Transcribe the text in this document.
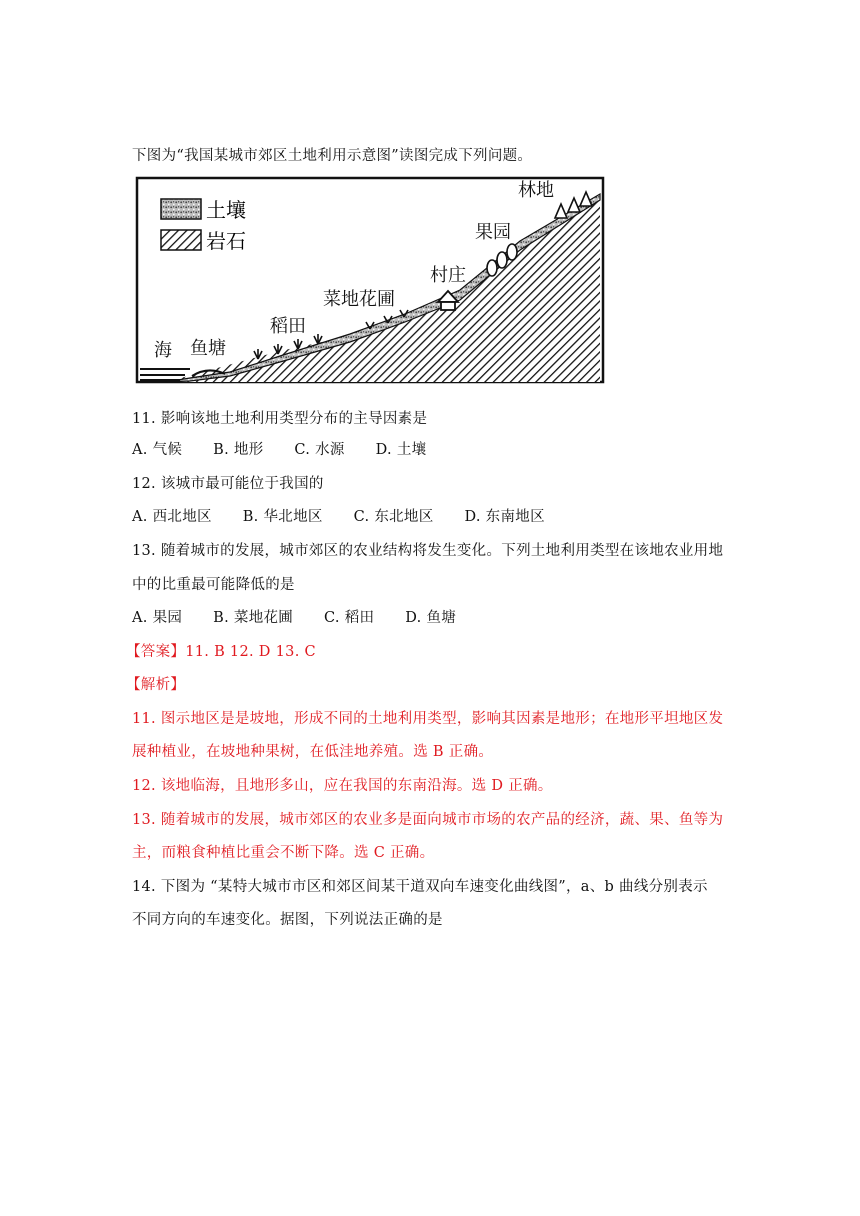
下图为“我国某城市郊区土地利用示意图”读图完成下列问题。
土壤
岩石
海 鱼塘
稻田
菜地花圃
村庄
果园
林地
11. 影响该地土地利用类型分布的主导因素是
A. 气候 B. 地形 C. 水源 D. 土壤
12. 该城市最可能位于我国的
A. 西北地区 B. 华北地区 C. 东北地区 D. 东南地区
13. 随着城市的发展，城市郊区的农业结构将发生变化。下列土地利用类型在该地农业用地
中的比重最可能降低的是
A. 果园 B. 菜地花圃 C. 稻田 D. 鱼塘
【答案】11. B 12. D 13. C
【解析】
11. 图示地区是是坡地，形成不同的土地利用类型，影响其因素是地形；在地形平坦地区发
展种植业，在坡地种果树，在低洼地养殖。选 B 正确。
12. 该地临海，且地形多山，应在我国的东南沿海。选 D 正确。
13. 随着城市的发展，城市郊区的农业多是面向城市市场的农产品的经济，蔬、果、鱼等为
主，而粮食种植比重会不断下降。选 C 正确。
14. 下图为 “某特大城市市区和郊区间某干道双向车速变化曲线图”，a、b 曲线分别表示
不同方向的车速变化。据图，下列说法正确的是
